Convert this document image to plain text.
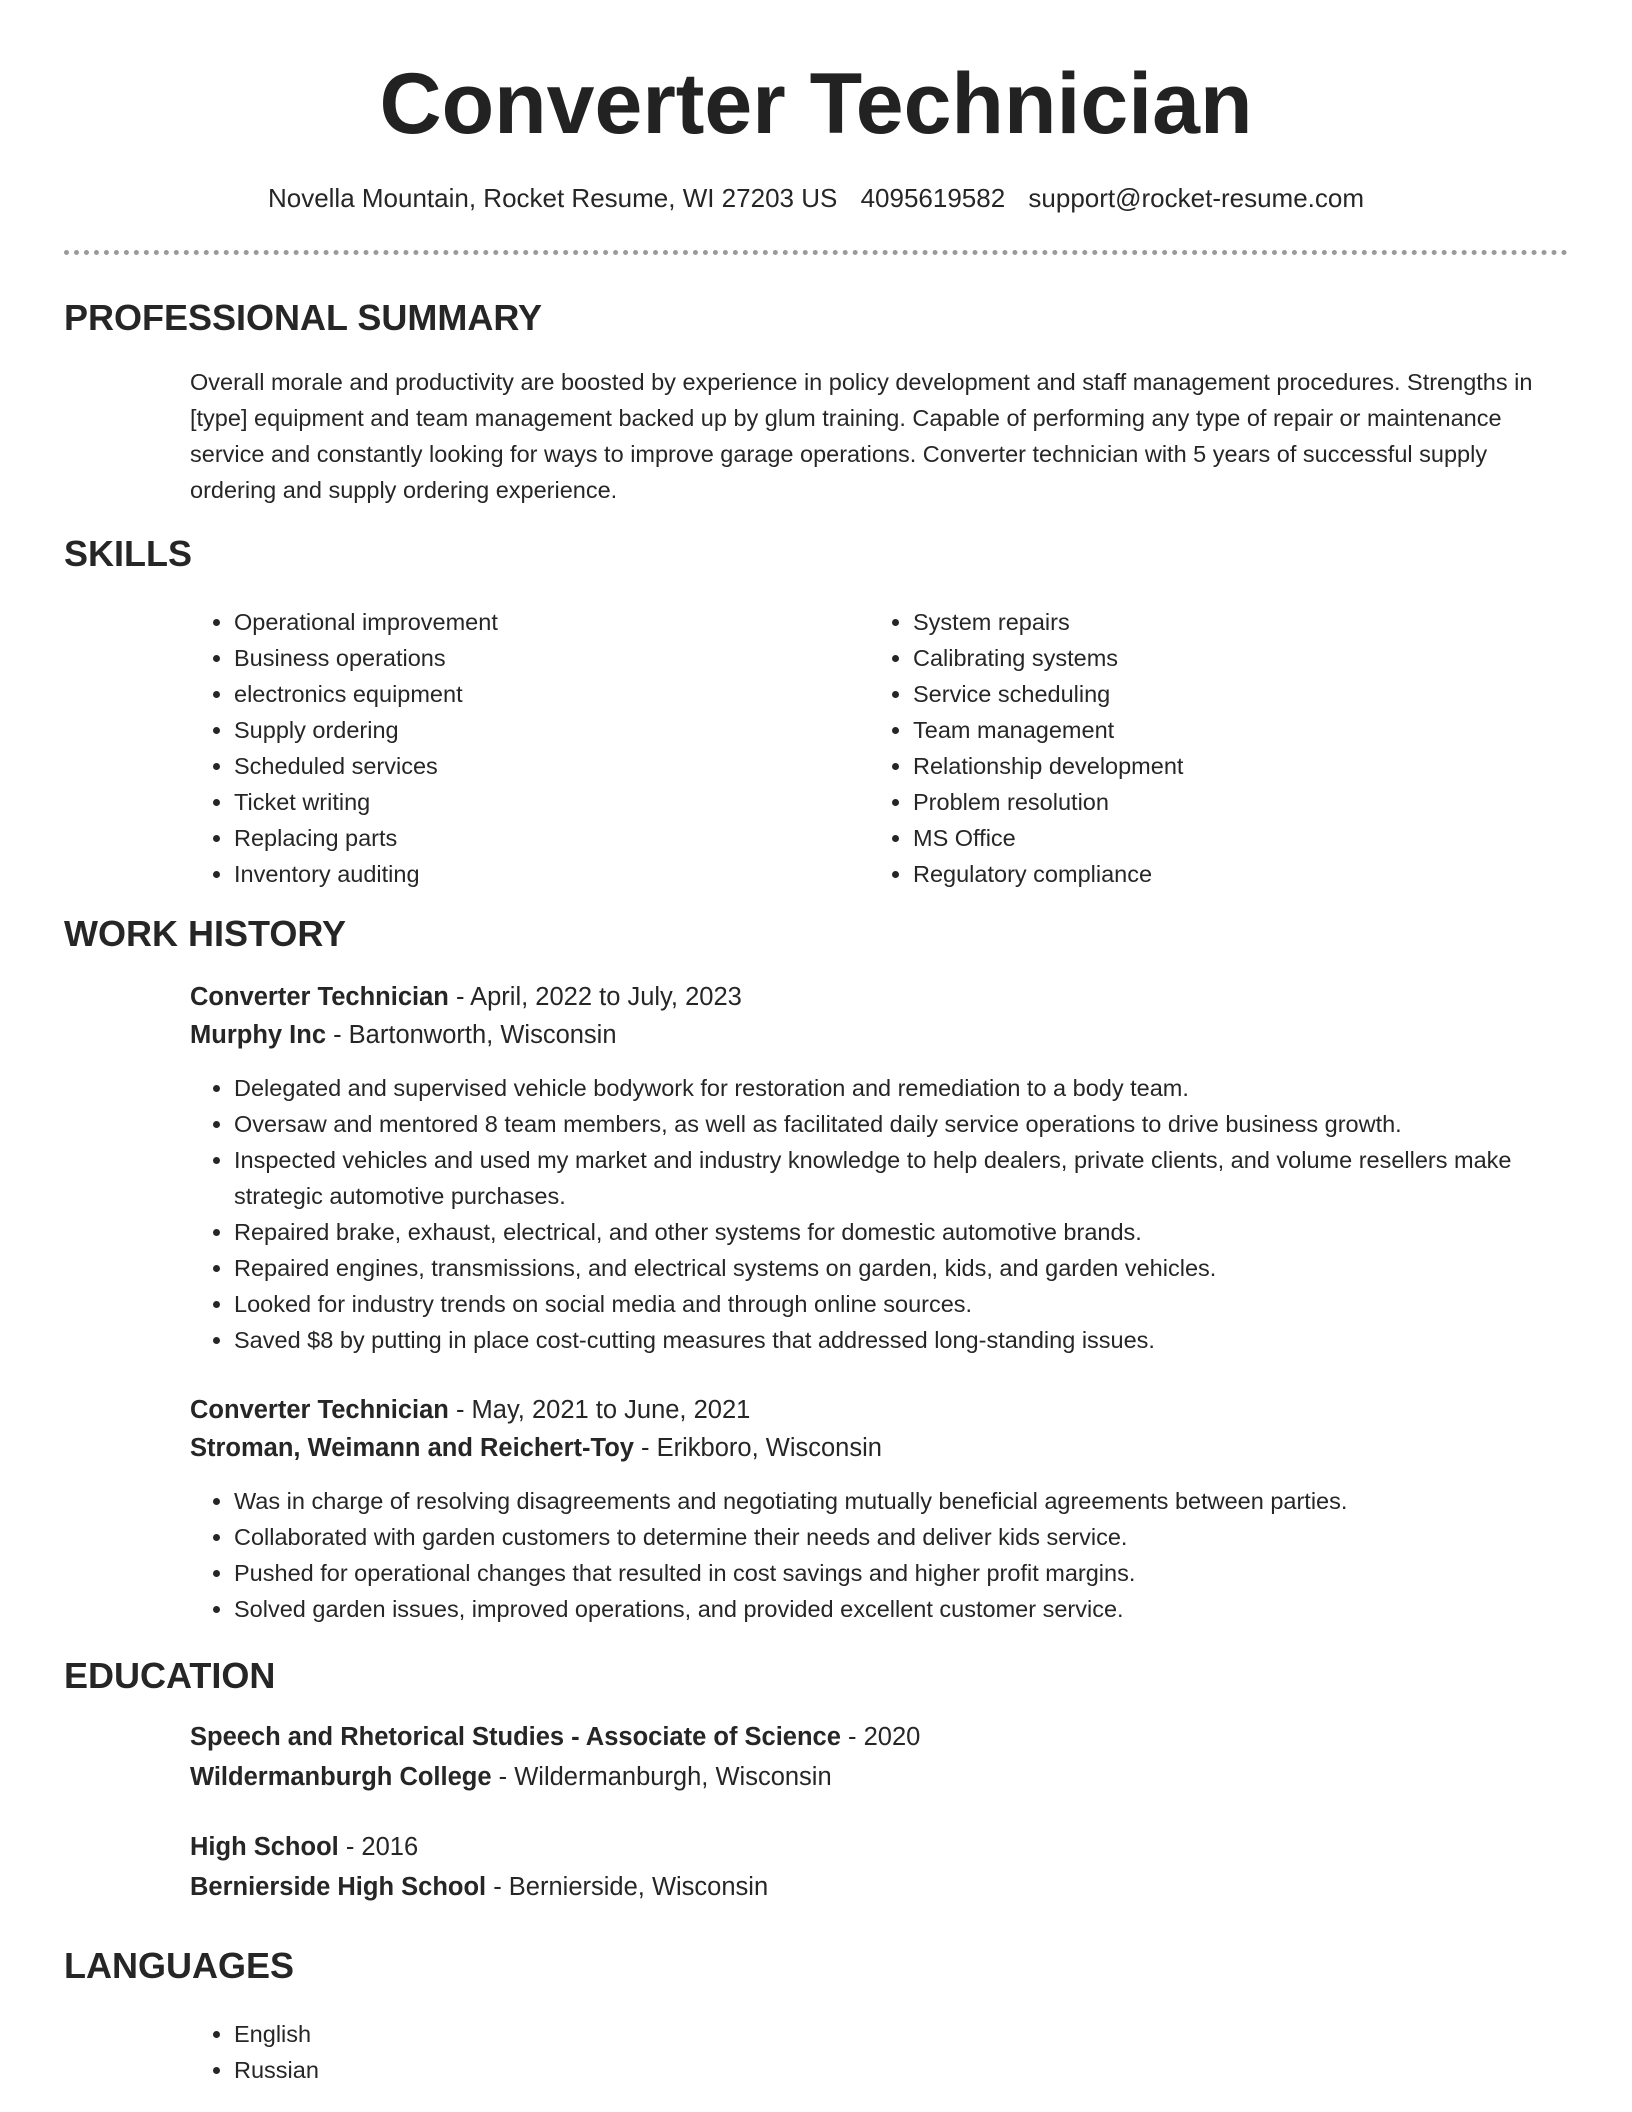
Converter Technician
Novella Mountain, Rocket Resume, WI 27203 US 4095619582 support@rocket-resume.com
PROFESSIONAL SUMMARY

Overall morale and productivity are boosted by experience in policy development and staff management procedures. Strengths in [type] equipment and team management backed up by glum training. Capable of performing any type of repair or maintenance service and constantly looking for ways to improve garage operations. Converter technician with 5 years of successful supply ordering and supply ordering experience.

SKILLS
• Operational improvement
• Business operations
• electronics equipment
• Supply ordering
• Scheduled services
• Ticket writing
• Replacing parts
• Inventory auditing
• System repairs
• Calibrating systems
• Service scheduling
• Team management
• Relationship development
• Problem resolution
• MS Office
• Regulatory compliance
WORK HISTORY
Converter Technician - April, 2022 to July, 2023
Murphy Inc - Bartonworth, Wisconsin
• Delegated and supervised vehicle bodywork for restoration and remediation to a body team.
• Oversaw and mentored 8 team members, as well as facilitated daily service operations to drive business growth.
• Inspected vehicles and used my market and industry knowledge to help dealers, private clients, and volume resellers make strategic automotive purchases.
• Repaired brake, exhaust, electrical, and other systems for domestic automotive brands.
• Repaired engines, transmissions, and electrical systems on garden, kids, and garden vehicles.
• Looked for industry trends on social media and through online sources.
• Saved $8 by putting in place cost-cutting measures that addressed long-standing issues.
Converter Technician - May, 2021 to June, 2021
Stroman, Weimann and Reichert-Toy - Erikboro, Wisconsin
• Was in charge of resolving disagreements and negotiating mutually beneficial agreements between parties.
• Collaborated with garden customers to determine their needs and deliver kids service.
• Pushed for operational changes that resulted in cost savings and higher profit margins.
• Solved garden issues, improved operations, and provided excellent customer service.
EDUCATION
Speech and Rhetorical Studies - Associate of Science - 2020
Wildermanburgh College - Wildermanburgh, Wisconsin
High School - 2016
Bernierside High School - Bernierside, Wisconsin
LANGUAGES
• English
• Russian
